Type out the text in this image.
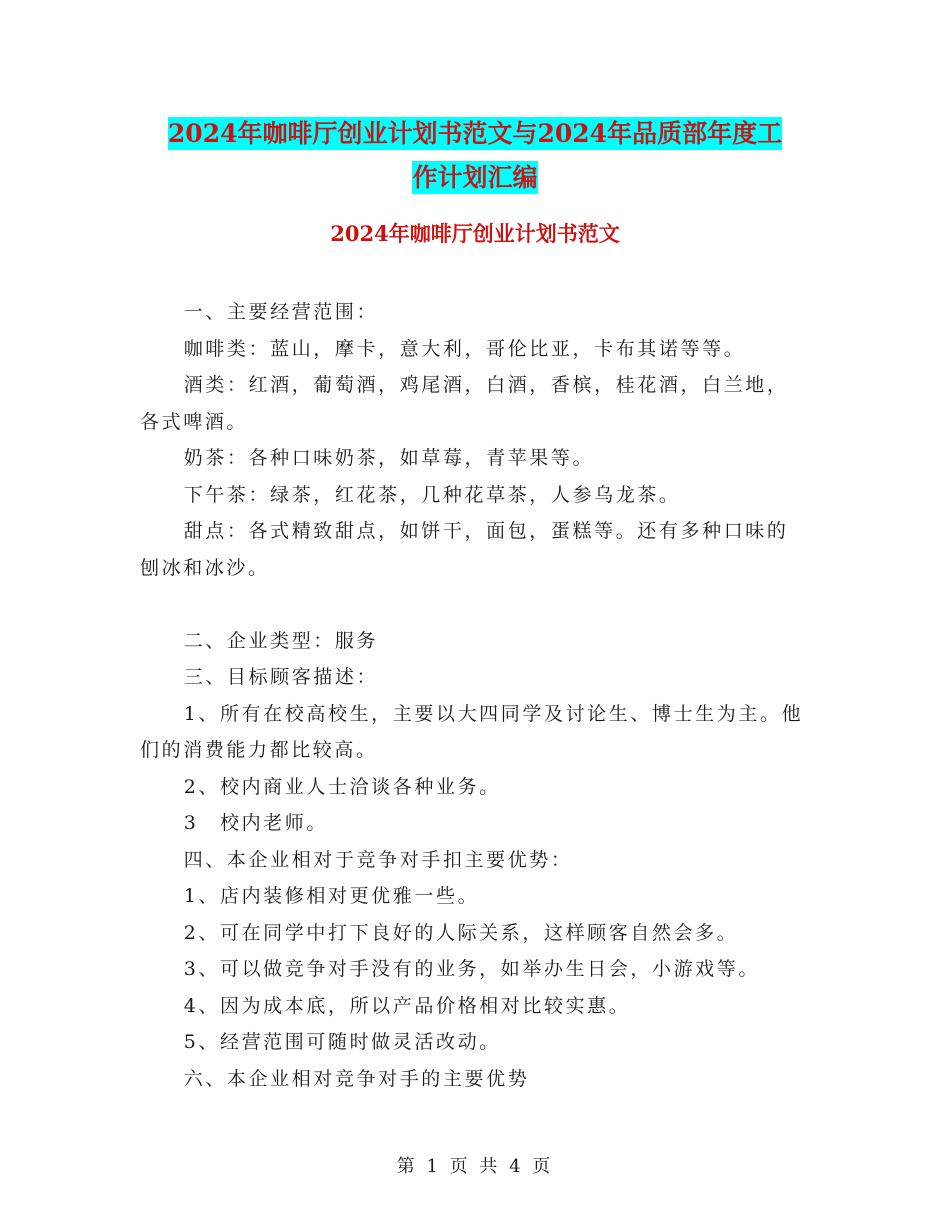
2024年咖啡厅创业计划书范文与2024年品质部年度工
作计划汇编
2024年咖啡厅创业计划书范文

一、主要经营范围：

咖啡类：蓝山，摩卡，意大利，哥伦比亚，卡布其诺等等。

酒类：红酒，葡萄酒，鸡尾酒，白酒，香槟，桂花酒，白兰地，各式啤酒。

奶茶：各种口味奶茶，如草莓，青苹果等。

下午茶：绿茶，红花茶，几种花草茶，人参乌龙茶。

甜点：各式精致甜点，如饼干，面包，蛋糕等。还有多种口味的刨冰和冰沙。

二、企业类型：服务

三、目标顾客描述：

1、所有在校高校生，主要以大四同学及讨论生、博士生为主。他们的消费能力都比较高。

2、校内商业人士洽谈各种业务。

3　校内老师。

四、本企业相对于竞争对手扣主要优势：

1、店内装修相对更优雅一些。

2、可在同学中打下良好的人际关系，这样顾客自然会多。

3、可以做竞争对手没有的业务，如举办生日会，小游戏等。

4、因为成本底，所以产品价格相对比较实惠。

5、经营范围可随时做灵活改动。

六、本企业相对竞争对手的主要优势

第 1 页 共 4 页
